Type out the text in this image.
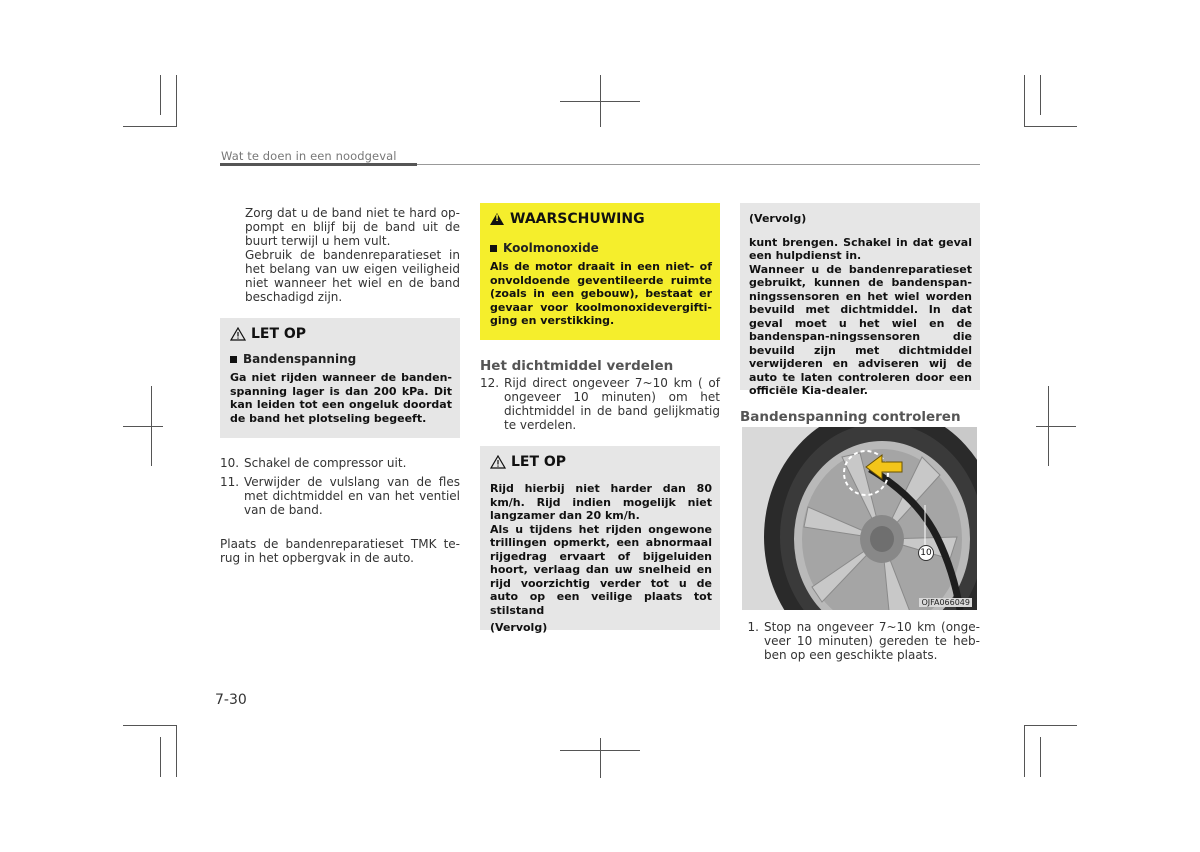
Wat te doen in een noodgeval
Zorg dat u de band niet te hard op-pompt en blijf bij de band uit de buurt terwijl u hem vult.
Gebruik de bandenreparatieset in het belang van uw eigen veiligheid niet wanneer het wiel en de band beschadigd zijn.
LET OP
Bandenspanning
Ga niet rijden wanneer de banden-spanning lager is dan 200 kPa. Dit kan leiden tot een ongeluk doordat de band het plotseling begeeft.
10. Schakel de compressor uit.
11. Verwijder de vulslang van de fles met dichtmiddel en van het ventiel van de band.
Plaats de bandenreparatieset TMK te-rug in het opbergvak in de auto.
!
WAARSCHUWING
Koolmonoxide
Als de motor draait in een niet- of onvoldoende geventileerde ruimte (zoals in een gebouw), bestaat er gevaar voor koolmonoxidevergifti-ging en verstikking.
Het dichtmiddel verdelen
12. Rijd direct ongeveer 7~10 km ( of ongeveer 10 minuten) om het dichtmiddel in de band gelijkmatig te verdelen.
LET OP
Rijd hierbij niet harder dan 80 km/h. Rijd indien mogelijk niet langzamer dan 20 km/h.
Als u tijdens het rijden ongewone trillingen opmerkt, een abnormaal rijgedrag ervaart of bijgeluiden hoort, verlaag dan uw snelheid en rijd voorzichtig verder tot u de auto op een veilige plaats tot stilstand
(Vervolg)
(Vervolg)
kunt brengen. Schakel in dat geval een hulpdienst in.
Wanneer u de bandenreparatieset gebruikt, kunnen de bandenspan-ningssensoren en het wiel worden bevuild met dichtmiddel. In dat geval moet u het wiel en de bandenspan-ningssensoren die bevuild zijn met dichtmiddel verwijderen en adviseren wij de auto te laten controleren door een officiële Kia-dealer.
Bandenspanning controleren
10
OJFA066049
1. Stop na ongeveer 7~10 km (onge-veer 10 minuten) gereden te heb-ben op een geschikte plaats.
7-30
